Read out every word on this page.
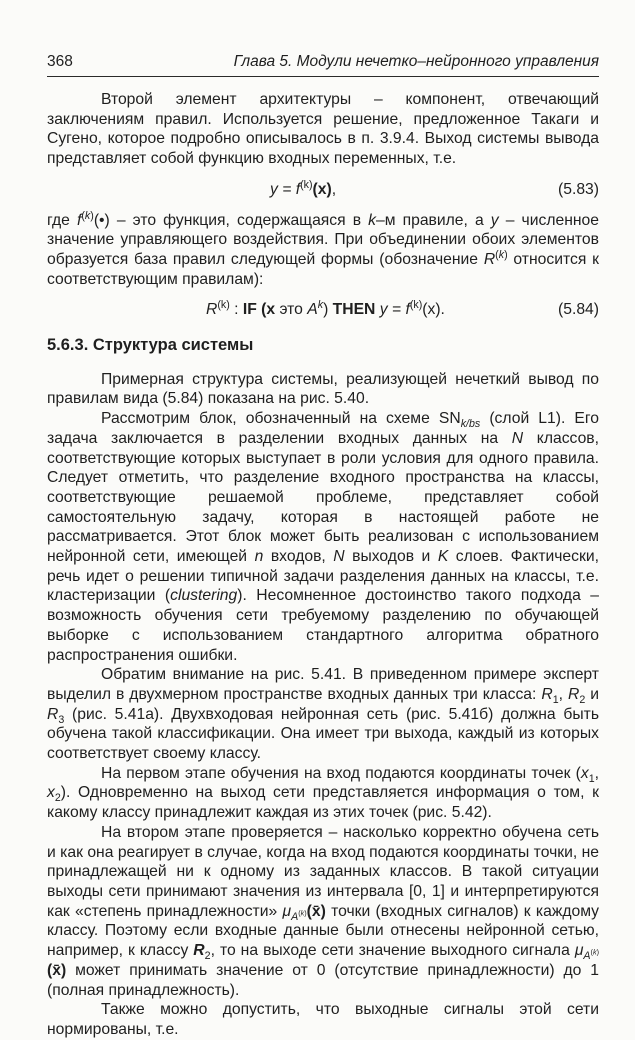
368	Глава 5. Модули нечетко–нейронного управления

Второй элемент архитектуры – компонент, отвечающий заключениям правил. Используется решение, предложенное Такаги и Сугено, которое подробно описывалось в п. 3.9.4. Выход системы вывода представляет собой функцию входных переменных, т.е.

$y = f^{(k)}(x)$,	(5.83)

где $f^{(k)}(•)$ – это функция, содержащаяся в k–м правиле, а y – численное значение управляющего воздействия. При объединении обоих элементов образуется база правил следующей формы (обозначение $R^{(k)}$ относится к соответствующим правилам):

$R^{(k)}$ : IF (x это $A^k$) THEN $y = f^{(k)}(x)$.	(5.84)
5.6.3. Структура системы

Примерная структура системы, реализующей нечеткий вывод по правилам вида (5.84) показана на рис. 5.40.

Рассмотрим блок, обозначенный на схеме $SN_{k/bs}$ (слой L1). Его задача заключается в разделении входных данных на N классов, соответствующие которых выступает в роли условия для одного правила. Следует отметить, что разделение входного пространства на классы, соответствующие решаемой проблеме, представляет собой самостоятельную задачу, которая в настоящей работе не рассматривается. Этот блок может быть реализован с использованием нейронной сети, имеющей n входов, N выходов и K слоев. Фактически, речь идет о решении типичной задачи разделения данных на классы, т.е. кластеризации (clustering). Несомненное достоинство такого подхода – возможность обучения сети требуемому разделению по обучающей выборке с использованием стандартного алгоритма обратного распространения ошибки.

Обратим внимание на рис. 5.41. В приведенном примере эксперт выделил в двухмерном пространстве входных данных три класса: $R_1$, $R_2$ и $R_3$ (рис. 5.41а). Двухвходовая нейронная сеть (рис. 5.41б) должна быть обучена такой классификации. Она имеет три выхода, каждый из которых соответствует своему классу.

На первом этапе обучения на вход подаются координаты точек ($x_1$, $x_2$). Одновременно на выход сети представляется информация о том, к какому классу принадлежит каждая из этих точек (рис. 5.42).

На втором этапе проверяется – насколько корректно обучена сеть и как она реагирует в случае, когда на вход подаются координаты точки, не принадлежащей ни к одному из заданных классов. В такой ситуации выходы сети принимают значения из интервала [0, 1] и интерпретируются как «степень принадлежности» $\mu_{A^{(k)}}(x̄)$ точки (входных сигналов) к каждому классу. Поэтому если входные данные были отнесены нейронной сетью, например, к классу $R_2$, то на выходе сети значение выходного сигнала $\mu_{A^{(k)}}(x̄)$ может принимать значение от 0 (отсутствие принадлежности) до 1 (полная принадлежность).

Также можно допустить, что выходные сигналы этой сети нормированы, т.е.
